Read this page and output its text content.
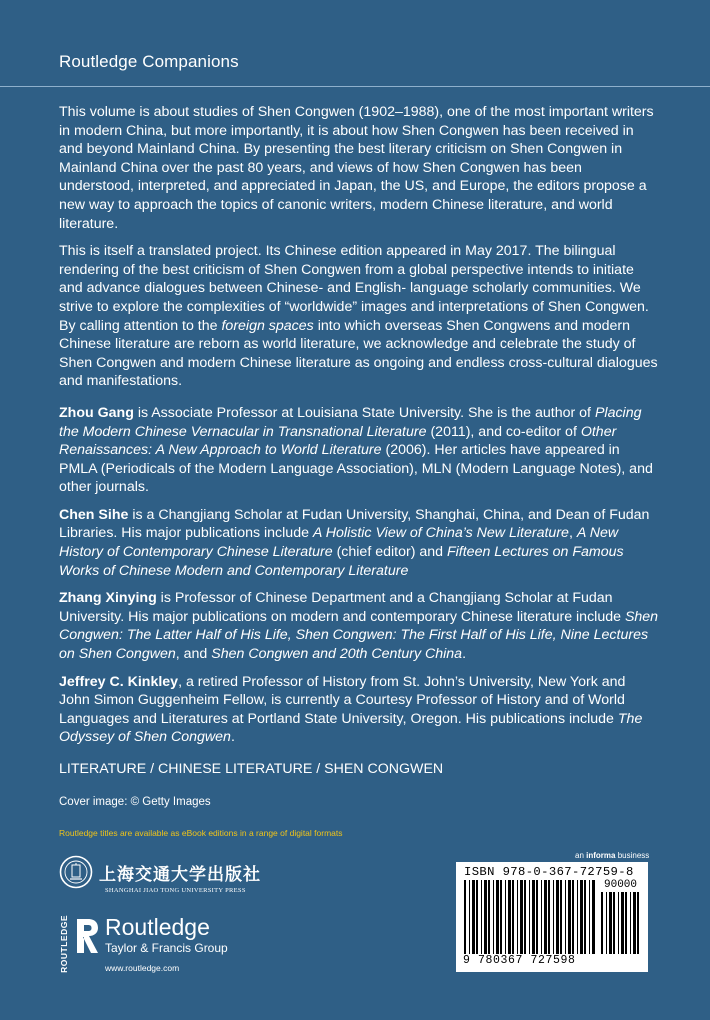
Routledge Companions

This volume is about studies of Shen Congwen (1902–1988), one of the most important writers in modern China, but more importantly, it is about how Shen Congwen has been received in and beyond Mainland China. By presenting the best literary criticism on Shen Congwen in Mainland China over the past 80 years, and views of how Shen Congwen has been understood, interpreted, and appreciated in Japan, the US, and Europe, the editors propose a new way to approach the topics of canonic writers, modern Chinese literature, and world literature.

This is itself a translated project. Its Chinese edition appeared in May 2017. The bilingual rendering of the best criticism of Shen Congwen from a global perspective intends to initiate and advance dialogues between Chinese- and English- language scholarly communities. We strive to explore the complexities of “worldwide” images and interpretations of Shen Congwen. By calling attention to the foreign spaces into which overseas Shen Congwens and modern Chinese literature are reborn as world literature, we acknowledge and celebrate the study of Shen Congwen and modern Chinese literature as ongoing and endless cross-cultural dialogues and manifestations.

Zhou Gang is Associate Professor at Louisiana State University. She is the author of Placing the Modern Chinese Vernacular in Transnational Literature (2011), and co-editor of Other Renaissances: A New Approach to World Literature (2006). Her articles have appeared in PMLA (Periodicals of the Modern Language Association), MLN (Modern Language Notes), and other journals.

Chen Sihe is a Changjiang Scholar at Fudan University, Shanghai, China, and Dean of Fudan Libraries. His major publications include A Holistic View of China’s New Literature, A New History of Contemporary Chinese Literature (chief editor) and Fifteen Lectures on Famous Works of Chinese Modern and Contemporary Literature

Zhang Xinying is Professor of Chinese Department and a Changjiang Scholar at Fudan University. His major publications on modern and contemporary Chinese literature include Shen Congwen: The Latter Half of His Life, Shen Congwen: The First Half of His Life, Nine Lectures on Shen Congwen, and Shen Congwen and 20th Century China.

Jeffrey C. Kinkley, a retired Professor of History from St. John’s University, New York and John Simon Guggenheim Fellow, is currently a Courtesy Professor of History and of World Languages and Literatures at Portland State University, Oregon. His publications include The Odyssey of Shen Congwen.

LITERATURE / CHINESE LITERATURE / SHEN CONGWEN
Cover image: © Getty Images
Routledge titles are available as eBook editions in a range of digital formats
上海交通大学出版社
SHANGHAI JIAO TONG UNIVERSITY PRESS
ROUTLEDGE Routledge
Taylor & Francis Group
www.routledge.com
an informa business
ISBN 978-0-367-72759-8
90000
9 780367 727598
